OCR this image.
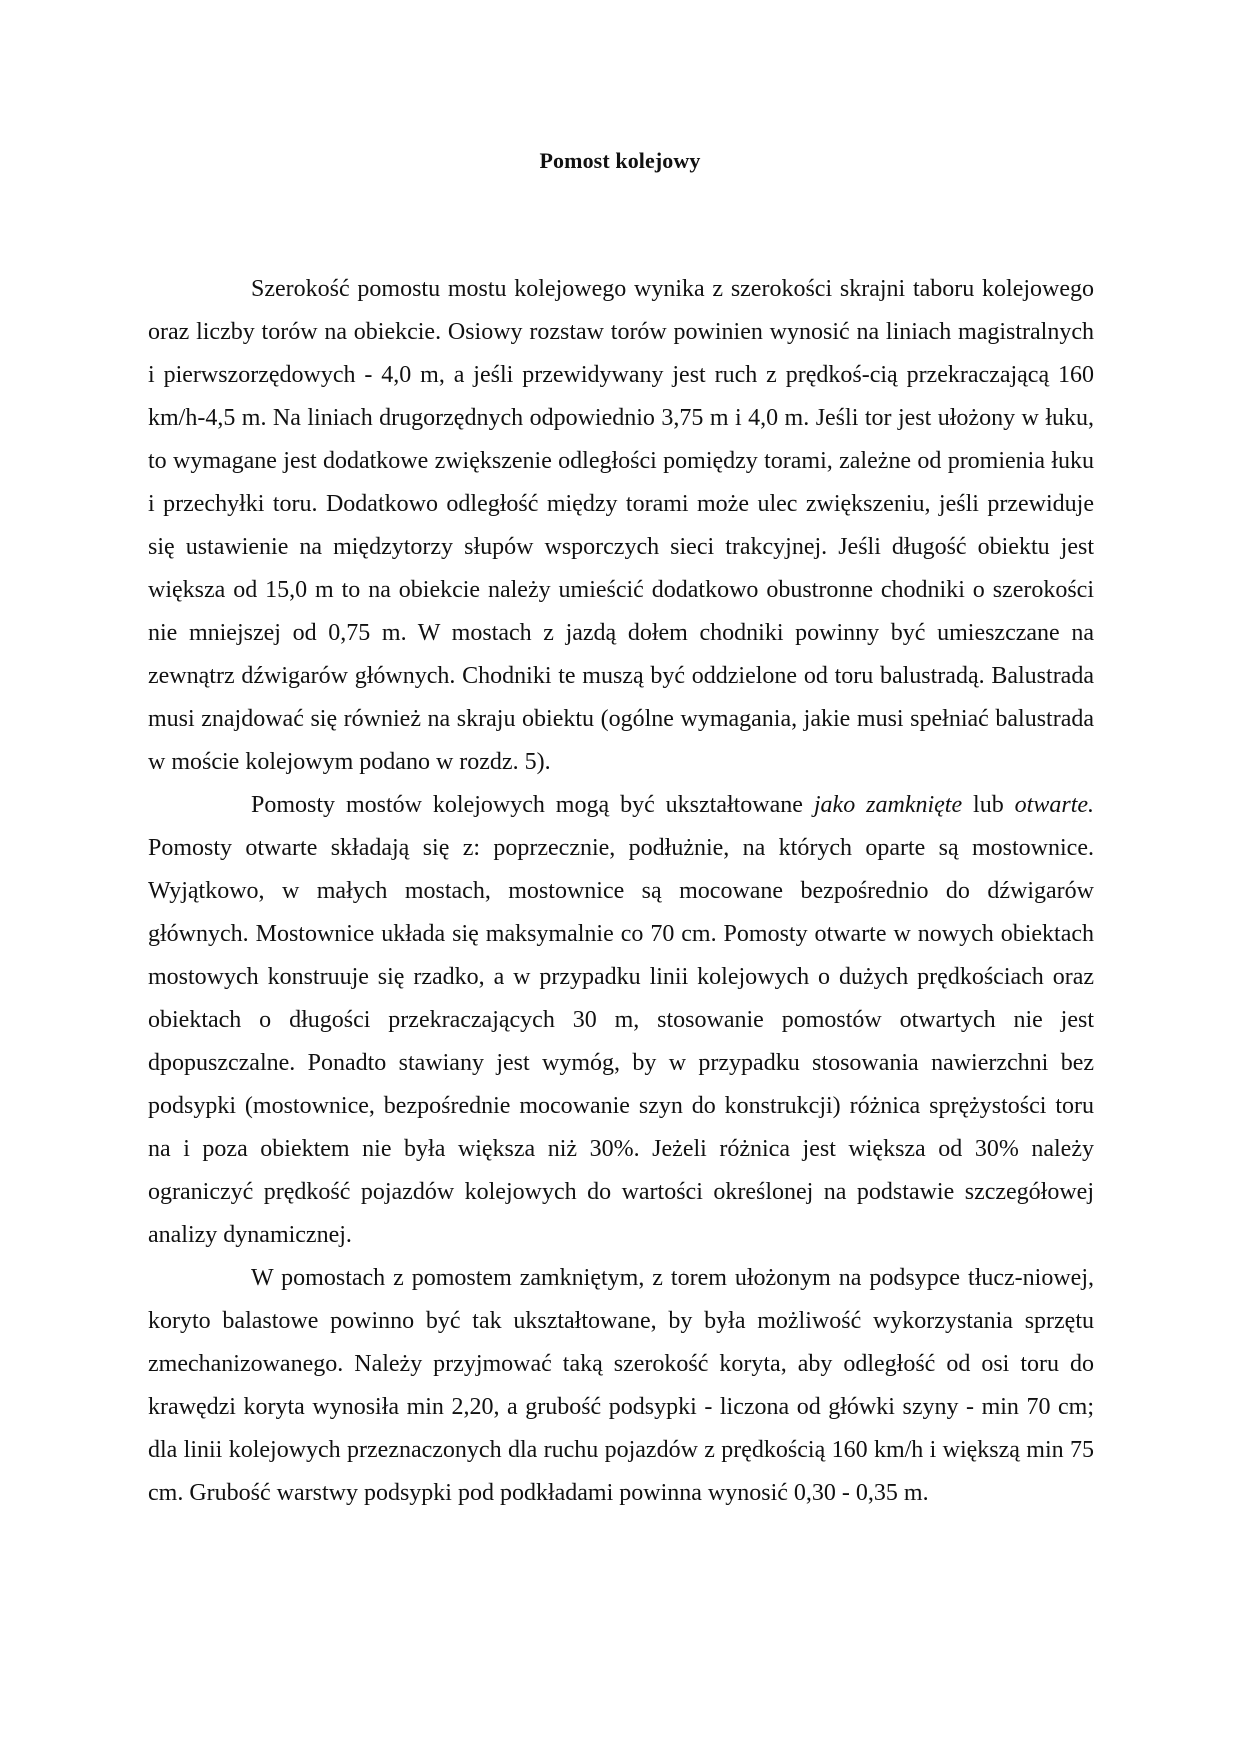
Pomost kolejowy

Szerokość pomostu mostu kolejowego wynika z szerokości skrajni taboru kolejowego oraz liczby torów na obiekcie. Osiowy rozstaw torów powinien wynosić na liniach magistralnych i pierwszorzędowych - 4,0 m, a jeśli przewidywany jest ruch z prędkoś-cią przekraczającą 160 km/h-4,5 m. Na liniach drugorzędnych odpowiednio 3,75 m i 4,0 m. Jeśli tor jest ułożony w łuku, to wymagane jest dodatkowe zwiększenie odległości pomiędzy torami, zależne od promienia łuku i przechyłki toru. Dodatkowo odległość między torami może ulec zwiększeniu, jeśli przewiduje się ustawienie na międzytorzy słupów wsporczych sieci trakcyjnej. Jeśli długość obiektu jest większa od 15,0 m to na obiekcie należy umieścić dodatkowo obustronne chodniki o szerokości nie mniejszej od 0,75 m. W mostach z jazdą dołem chodniki powinny być umieszczane na zewnątrz dźwigarów głównych. Chodniki te muszą być oddzielone od toru balustradą. Balustrada musi znajdować się również na skraju obiektu (ogólne wymagania, jakie musi spełniać balustrada w moście kolejowym podano w rozdz. 5).

Pomosty mostów kolejowych mogą być ukształtowane jako zamknięte lub otwarte. Pomosty otwarte składają się z: poprzecznie, podłużnie, na których oparte są mostownice. Wyjątkowo, w małych mostach, mostownice są mocowane bezpośrednio do dźwigarów głównych. Mostownice układa się maksymalnie co 70 cm. Pomosty otwarte w nowych obiektach mostowych konstruuje się rzadko, a w przypadku linii kolejowych o dużych prędkościach oraz obiektach o długości przekraczających 30 m, stosowanie pomostów otwartych nie jest dpopuszczalne. Ponadto stawiany jest wymóg, by w przypadku stosowania nawierzchni bez podsypki (mostownice, bezpośrednie mocowanie szyn do konstrukcji) różnica sprężystości toru na i poza obiektem nie była większa niż 30%. Jeżeli różnica jest większa od 30% należy ograniczyć prędkość pojazdów kolejowych do wartości określonej na podstawie szczegółowej analizy dynamicznej.

W pomostach z pomostem zamkniętym, z torem ułożonym na podsypce tłucz-niowej, koryto balastowe powinno być tak ukształtowane, by była możliwość wykorzystania sprzętu zmechanizowanego. Należy przyjmować taką szerokość koryta, aby odległość od osi toru do krawędzi koryta wynosiła min 2,20, a grubość podsypki - liczona od główki szyny - min 70 cm; dla linii kolejowych przeznaczonych dla ruchu pojazdów z prędkością 160 km/h i większą min 75 cm. Grubość warstwy podsypki pod podkładami powinna wynosić 0,30 - 0,35 m.
